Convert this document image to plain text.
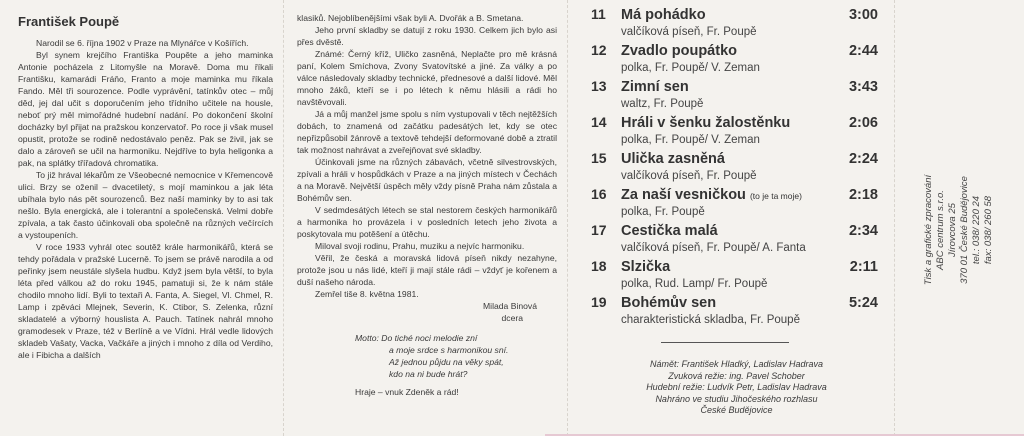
František Poupě

Narodil se 6. října 1902 v Praze na Mlynářce v Košířích.

Byl synem krejčího Františka Poupěte a jeho maminka Antonie pocházela z Litomyšle na Moravě. Doma mu říkali Františku, kamarádi Fráňo, Franto a moje maminka mu říkala Fando. Měl tři sourozence. Podle vyprávění, tatínkův otec – můj děd, jej dal učit s doporučením jeho třídního učitele na housle, neboť prý měl mimořádné hudební nadání. Po dokončení školní docházky byl přijat na pražskou konzervatoř. Po roce ji však musel opustit, protože se rodině nedostávalo peněz. Pak se živil, jak se dalo a zároveň se učil na harmoniku. Nejdříve to byla heligonka a pak, na splátky třířadová chromatika.

To již hrával lékařům ze Všeobecné nemocnice v Křemencově ulici. Brzy se oženil – dvacetiletý, s mojí maminkou a jak léta ubíhala bylo nás pět sourozenců. Bez naší maminky by to asi tak nešlo. Byla energická, ale i tolerantní a společenská. Velmi dobře zpívala, a tak často účinkovali oba společně na různých večírcích a vystoupeních.

V roce 1933 vyhrál otec soutěž krále harmonikářů, která se tehdy pořádala v pražské Lucerně. To jsem se právě narodila a od peřinky jsem neustále slyšela hudbu. Když jsem byla větší, to byla léta před válkou až do roku 1945, pamatuji si, že k nám stále chodilo mnoho lidí. Byli to textaři A. Fanta, A. Siegel, Vl. Chmel, R. Lamp i zpěváci Mlejnek, Severin, K. Ctibor, S. Zelenka, různí skladatelé a výborný houslista A. Pauch. Tatínek nahrál mnoho gramodesek v Praze, též v Berlíně a ve Vídni. Hrál vedle lidových skladeb Vašaty, Vacka, Vačkáře a jiných i mnoho z díla od Verdiho, ale i Fibicha a dalších

klasiků. Nejoblíbenějšími však byli A. Dvořák a B. Smetana.

Jeho první skladby se datují z roku 1930. Celkem jich bylo asi přes dvěstě.

Známé: Černý kříž, Uličko zasněná, Neplačte pro mě krásná paní, Kolem Smíchova, Zvony Svatovítské a jiné. Za války a po válce následovaly skladby technické, přednesové a další lidové. Měl mnoho žáků, kteří se i po létech k němu hlásili a rádi ho navštěvovali.

Já a můj manžel jsme spolu s ním vystupovali v těch nejtěžších dobách, to znamená od začátku padesátých let, kdy se otec nepřizpůsobil žánrově a textově tehdejší deformované době a ztratil tak možnost nahrávat a zveřejňovat své skladby.

Účinkovali jsme na různých zábavách, včetně silvestrovských, zpívali a hráli v hospůdkách v Praze a na jiných místech v Čechách a na Moravě. Největší úspěch měly vždy písně Praha nám zůstala a Bohémův sen.

V sedmdesátých létech se stal nestorem českých harmonikářů a harmonika ho provázela i v posledních letech jeho života a poskytovala mu potěšení a útěchu.

Miloval svoji rodinu, Prahu, muziku a nejvíc harmoniku.

Věřil, že česká a moravská lidová píseň nikdy nezahyne, protože jsou u nás lidé, kteří ji mají stále rádi – vždyť je kořenem a duší našeho národa.

Zemřel tiše 8. května 1981.

Milada Binová
dcera
Motto: Do tiché noci melodie zní
a moje srdce s harmonikou sní.
Až jednou půjdu na věky spát,
kdo na ni bude hrát?
Hraje – vnuk Zdeněk a rád!
11	Má pohádko	3:00
valčíková píseň, Fr. Poupě
12 Zvadlo poupátko	2:44
polka, Fr. Poupě/ V. Zeman
13 Zimní sen	3:43
waltz, Fr. Poupě
14 Hráli v šenku žalostěnku	2:06
polka, Fr. Poupě/ V. Zeman
15 Ulička zasněná	2:24
valčíková píseň, Fr. Poupě
16 Za naší vesničkou (to je ta moje)	2:18
polka, Fr. Poupě
17 Cestička malá	2:34
valčíková píseň, Fr. Poupě/ A. Fanta
18 Slzička	2:11
polka, Rud. Lamp/ Fr. Poupě
19 Bohémův sen	5:24
charakteristická skladba, Fr. Poupě
Námět: František Hladký, Ladislav Hadrava
Zvuková režie: ing. Pavel Schober
Hudební režie: Ludvík Petr, Ladislav Hadrava
Nahráno ve studiu Jihočeského rozhlasu
České Budějovice
Tisk a grafické zpracování ABC centrum s.r.o. Jírovcova 25 370 01 České Budějovice tel.: 038/ 220 24 fax: 038/ 260 58
